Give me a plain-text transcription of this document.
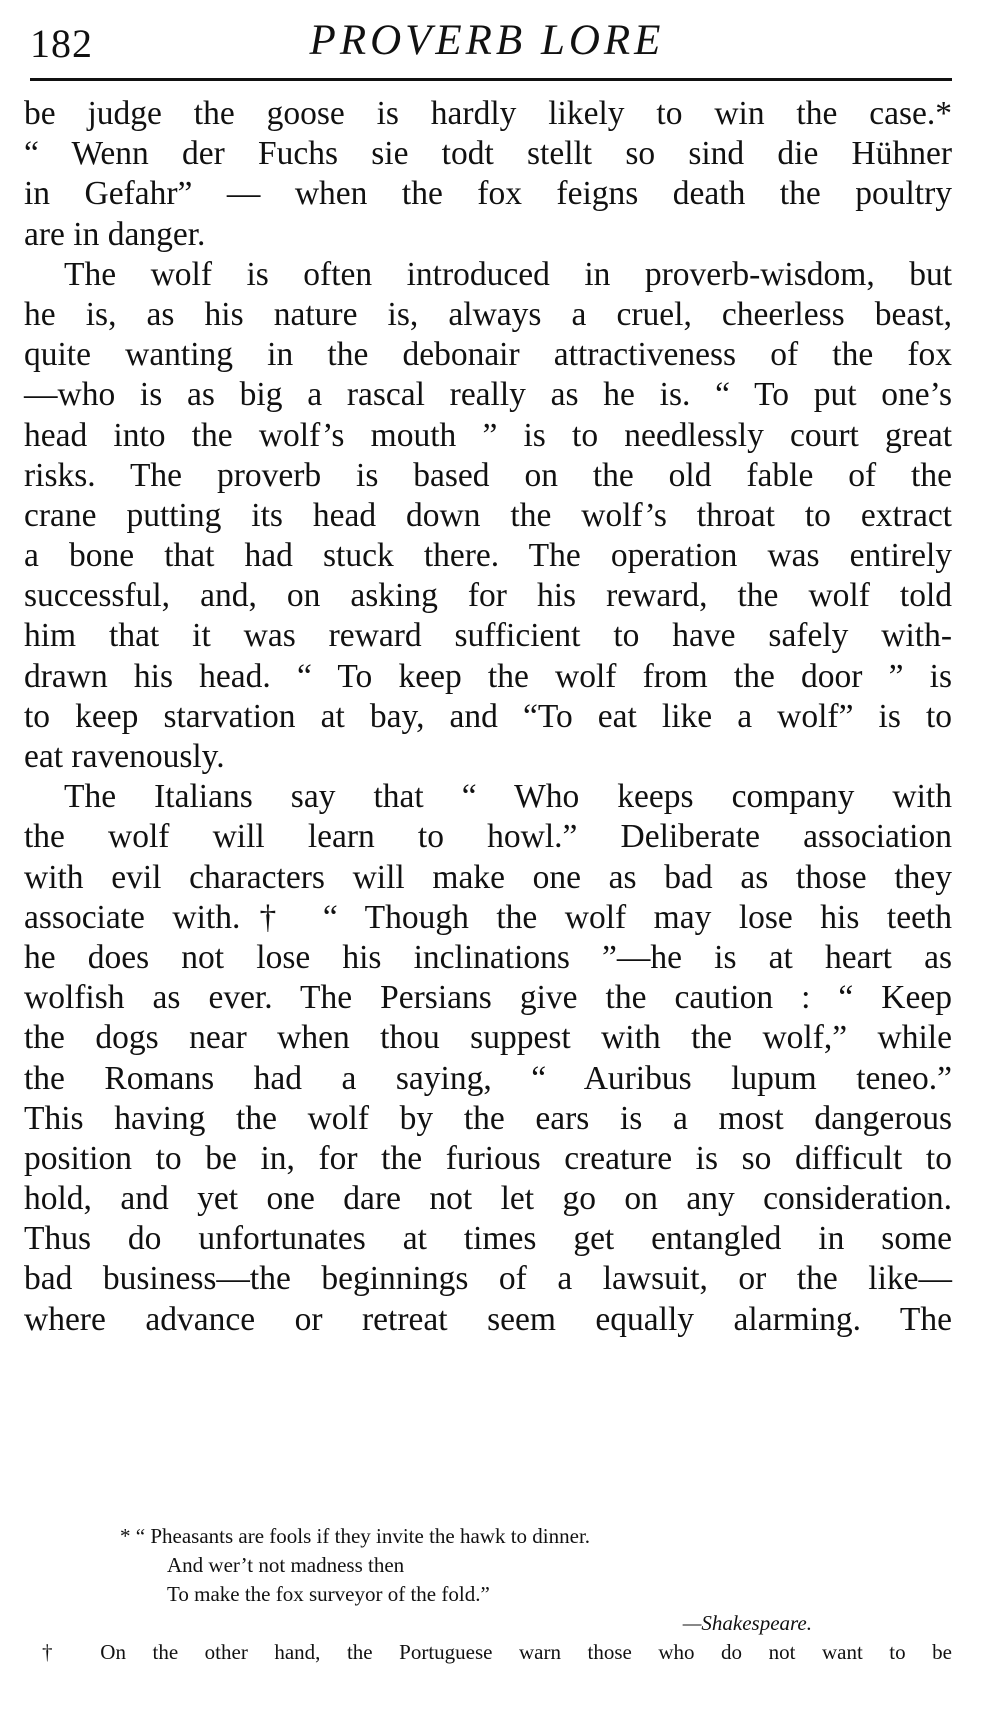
182	PROVERB LORE
be judge the goose is hardly likely to win the case.*
“ Wenn der Fuchs sie todt stellt so sind die Hühner
in Gefahr” — when the fox feigns death the poultry
are in danger.
The wolf is often introduced in proverb-wisdom, but
he is, as his nature is, always a cruel, cheerless beast,
quite wanting in the debonair attractiveness of the fox
—who is as big a rascal really as he is. “ To put one’s
head into the wolf’s mouth ” is to needlessly court great
risks. The proverb is based on the old fable of the
crane putting its head down the wolf’s throat to extract
a bone that had stuck there. The operation was entirely
successful, and, on asking for his reward, the wolf told
him that it was reward sufficient to have safely with-
drawn his head. “ To keep the wolf from the door ” is
to keep starvation at bay, and “To eat like a wolf” is to
eat ravenously.
The Italians say that “ Who keeps company with
the wolf will learn to howl.” Deliberate association
with evil characters will make one as bad as those they
associate with.† “ Though the wolf may lose his teeth
he does not lose his inclinations ”—he is at heart as
wolfish as ever. The Persians give the caution : “ Keep
the dogs near when thou suppest with the wolf,” while
the Romans had a saying, “ Auribus lupum teneo.”
This having the wolf by the ears is a most dangerous
position to be in, for the furious creature is so difficult to
hold, and yet one dare not let go on any consideration.
Thus do unfortunates at times get entangled in some
bad business—the beginnings of a lawsuit, or the like—
where advance or retreat seem equally alarming. The
* “ Pheasants are fools if they invite the hawk to dinner.
And wer’t not madness then
To make the fox surveyor of the fold.”
—Shakespeare.
† On the other hand, the Portuguese warn those who do not want to be
